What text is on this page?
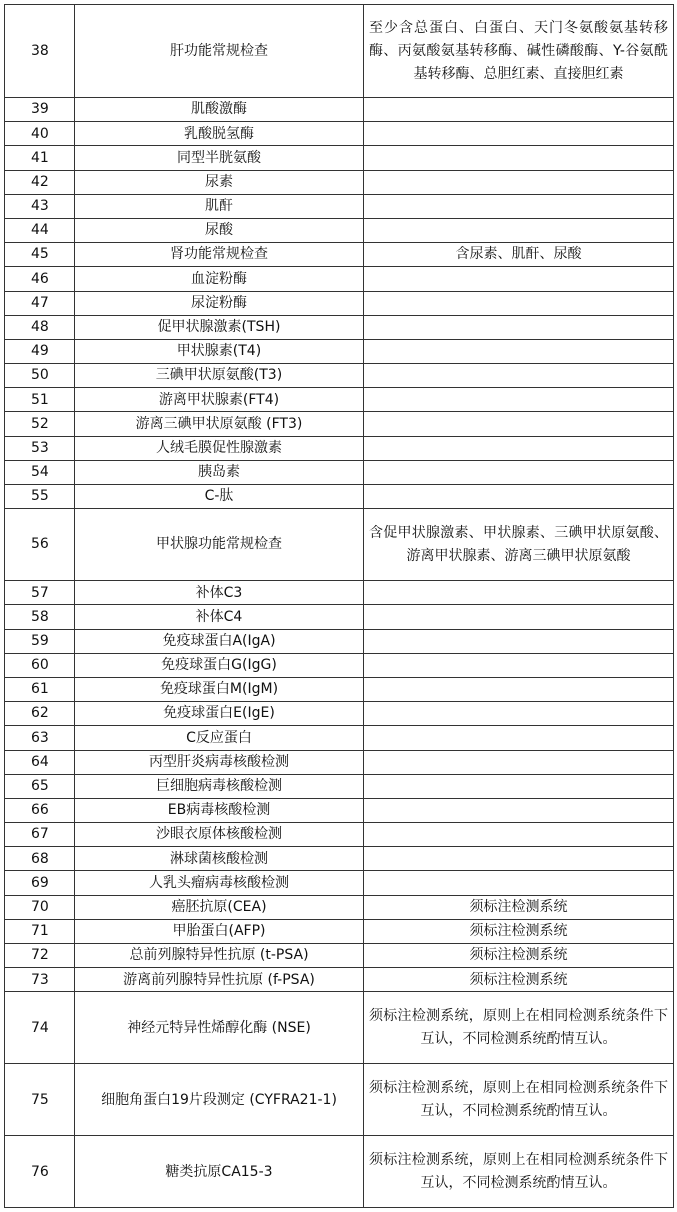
38	肝功能常规检查	至少含总蛋白、白蛋白、天门冬氨酸氨基转移酶、丙氨酸氨基转移酶、碱性磷酸酶、Y-谷氨酰基转移酶、总胆红素、直接胆红素
39	肌酸激酶	
40	乳酸脱氢酶	
41	同型半胱氨酸	
42	尿素	
43	肌酐	
44	尿酸	
45	肾功能常规检查	含尿素、肌酐、尿酸
46	血淀粉酶	
47	尿淀粉酶	
48	促甲状腺激素(TSH)	
49	甲状腺素(T4)	
50	三碘甲状原氨酸(T3)	
51	游离甲状腺素(FT4)	
52	游离三碘甲状原氨酸 (FT3)	
53	人绒毛膜促性腺激素	
54	胰岛素	
55	C-肽	
56	甲状腺功能常规检查	含促甲状腺激素、甲状腺素、三碘甲状原氨酸、游离甲状腺素、游离三碘甲状原氨酸
57	补体C3	
58	补体C4	
59	免疫球蛋白A(IgA)	
60	免疫球蛋白G(IgG)	
61	免疫球蛋白M(IgM)	
62	免疫球蛋白E(IgE)	
63	C反应蛋白	
64	丙型肝炎病毒核酸检测	
65	巨细胞病毒核酸检测	
66	EB病毒核酸检测	
67	沙眼衣原体核酸检测	
68	淋球菌核酸检测	
69	人乳头瘤病毒核酸检测	
70	癌胚抗原(CEA)	须标注检测系统
71	甲胎蛋白(AFP)	须标注检测系统
72	总前列腺特异性抗原 (t-PSA)	须标注检测系统
73	游离前列腺特异性抗原 (f-PSA)	须标注检测系统
74	神经元特异性烯醇化酶 (NSE)	须标注检测系统，原则上在相同检测系统条件下互认，不同检测系统酌情互认。
75	细胞角蛋白19片段测定 (CYFRA21-1)	须标注检测系统，原则上在相同检测系统条件下互认，不同检测系统酌情互认。
76	糖类抗原CA15-3	须标注检测系统，原则上在相同检测系统条件下互认，不同检测系统酌情互认。
